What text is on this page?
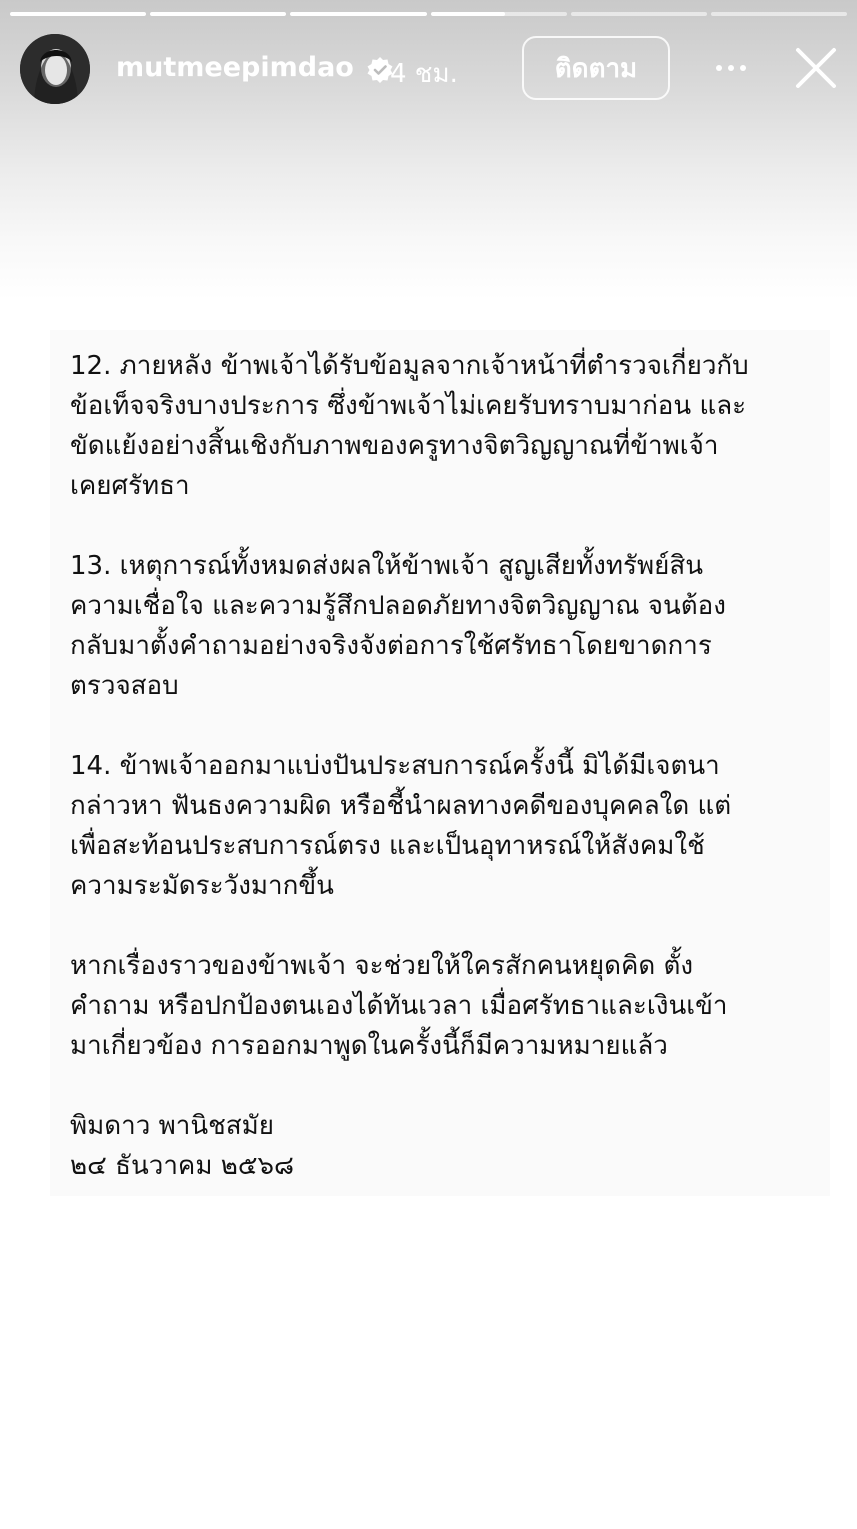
mutmeepimdao 4 ชม.	ติดตาม
12. ภายหลัง ข้าพเจ้าได้รับข้อมูลจากเจ้าหน้าที่ตำรวจเกี่ยวกับ
ข้อเท็จจริงบางประการ ซึ่งข้าพเจ้าไม่เคยรับทราบมาก่อน และ
ขัดแย้งอย่างสิ้นเชิงกับภาพของครูทางจิตวิญญาณที่ข้าพเจ้า
เคยศรัทธา
13. เหตุการณ์ทั้งหมดส่งผลให้ข้าพเจ้า สูญเสียทั้งทรัพย์สิน
ความเชื่อใจ และความรู้สึกปลอดภัยทางจิตวิญญาณ จนต้อง
กลับมาตั้งคำถามอย่างจริงจังต่อการใช้ศรัทธาโดยขาดการ
ตรวจสอบ
14. ข้าพเจ้าออกมาแบ่งปันประสบการณ์ครั้งนี้ มิได้มีเจตนา
กล่าวหา ฟันธงความผิด หรือชี้นำผลทางคดีของบุคคลใด แต่
เพื่อสะท้อนประสบการณ์ตรง และเป็นอุทาหรณ์ให้สังคมใช้
ความระมัดระวังมากขึ้น
หากเรื่องราวของข้าพเจ้า จะช่วยให้ใครสักคนหยุดคิด ตั้ง
คำถาม หรือปกป้องตนเองได้ทันเวลา เมื่อศรัทธาและเงินเข้า
มาเกี่ยวข้อง การออกมาพูดในครั้งนี้ก็มีความหมายแล้ว
พิมดาว พานิชสมัย
๒๔ ธันวาคม ๒๕๖๘
